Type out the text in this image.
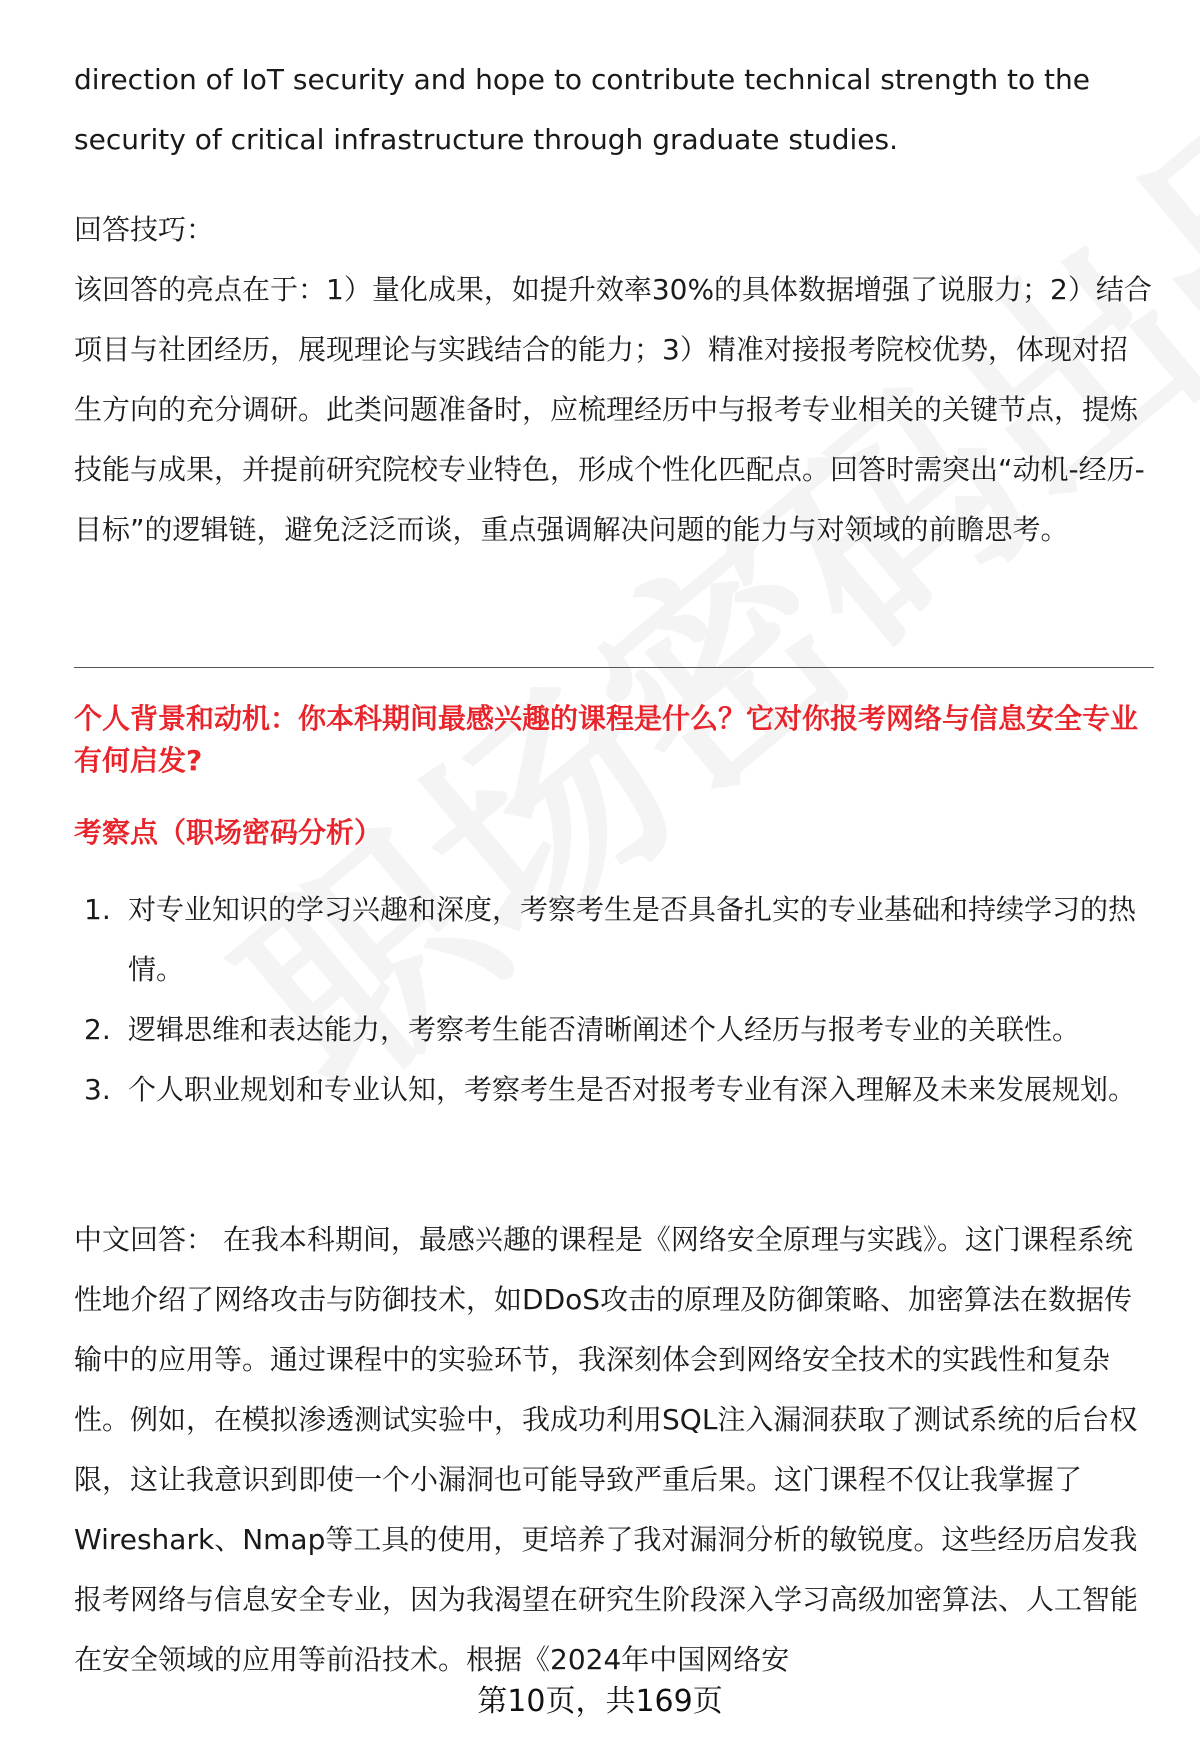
direction of IoT security and hope to contribute technical strength to the security of critical infrastructure through graduate studies.

回答技巧：

该回答的亮点在于：1）量化成果，如提升效率30%的具体数据增强了说服力；2）结合项目与社团经历，展现理论与实践结合的能力；3）精准对接报考院校优势，体现对招生方向的充分调研。此类问题准备时，应梳理经历中与报考专业相关的关键节点，提炼技能与成果，并提前研究院校专业特色，形成个性化匹配点。回答时需突出“动机-经历-目标”的逻辑链，避免泛泛而谈，重点强调解决问题的能力与对领域的前瞻思考。

个人背景和动机：你本科期间最感兴趣的课程是什么？它对你报考网络与信息安全专业有何启发?
考察点（职场密码分析）
1. 对专业知识的学习兴趣和深度，考察考生是否具备扎实的专业基础和持续学习的热情。
2. 逻辑思维和表达能力，考察考生能否清晰阐述个人经历与报考专业的关联性。
3. 个人职业规划和专业认知，考察考生是否对报考专业有深入理解及未来发展规划。

中文回答： 在我本科期间，最感兴趣的课程是《网络安全原理与实践》。这门课程系统性地介绍了网络攻击与防御技术，如DDoS攻击的原理及防御策略、加密算法在数据传输中的应用等。通过课程中的实验环节，我深刻体会到网络安全技术的实践性和复杂性。例如，在模拟渗透测试实验中，我成功利用SQL注入漏洞获取了测试系统的后台权限，这让我意识到即使一个小漏洞也可能导致严重后果。这门课程不仅让我掌握了Wireshark、Nmap等工具的使用，更培养了我对漏洞分析的敏锐度。这些经历启发我报考网络与信息安全专业，因为我渴望在研究生阶段深入学习高级加密算法、人工智能在安全领域的应用等前沿技术。根据《2024年中国网络安

第10页，共169页
